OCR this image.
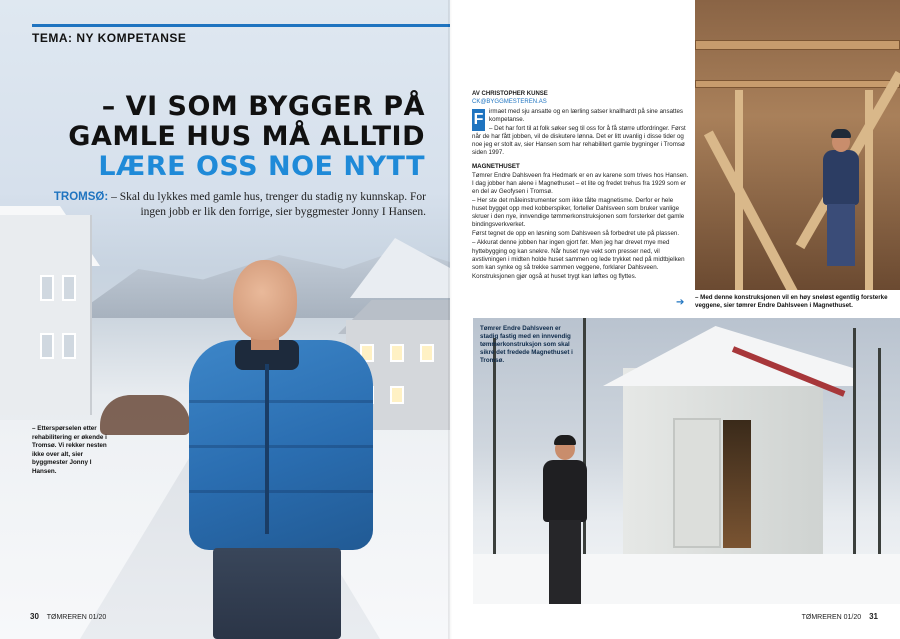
TEMA: NY KOMPETANSE
– VI SOM BYGGER PÅ
GAMLE HUS MÅ ALLTID
LÆRE OSS NOE NYTT
TROMSØ: – Skal du lykkes med gamle hus, trenger du stadig ny kunnskap. For ingen jobb er lik den forrige, sier byggmester Jonny I Hansen.
– Etterspørselen etter rehabilitering er økende i Tromsø. Vi rekker nesten ikke over alt, sier byggmester Jonny I Hansen.
30 TØMREREN 01/20
AV CHRISTOPHER KUNSE
CK@BYGGMESTEREN.AS
F irmaet med sju ansatte og en lærling satser knallhardt på sine ansattes kompetanse.

– Det har fort til at folk søker seg til oss for å få større utfordringer. Først når de har fått jobben, vil de diskutere lønna. Det er litt uvanlig i disse tider og noe jeg er stolt av, sier Hansen som har rehabilitert gamle bygninger i Tromsø siden 1997.

MAGNETHUSET

Tømrer Endre Dahlsveen fra Hedmark er en av karene som trives hos Hansen. I dag jobber han alene i Magnethuset – et lite og fredet trehus fra 1929 som er en del av Geofysen i Tromsø.

– Her ste det måleinstrumenter som ikke tålte magnetisme. Derfor er hele huset bygget opp med kobberspiker, forteller Dahlsveen som bruker vanlige skruer i den nye, innvendige tømmerkonstruksjonen som forsterker det gamle bindingsverkverket.

Først tegnet de opp en løsning som Dahlsveen så forbedret ute på plassen.

– Akkurat denne jobben har ingen gjort før. Men jeg har drevet mye med hyttebygging og kan snekre. Når huset nye vekt som presser ned, vil avstivningen i midten holde huset sammen og lede trykket ned på midtbjelken som kan synke og så trekke sammen veggene, forklarer Dahlsveen.

Konstruksjonen gjør også at huset trygt kan løftes og flyttes.

➔ – Med denne konstruksjonen vil en høy sneløst egentlig forsterke veggene, sier tømrer Endre Dahlsveen i Magnethuset.
Tømrer Endre Dahlsveen er stadig fastig med en innvendig tømmerkonstruksjon som skal sikre det fredede Magnethuset i Tromsø.
TØMREREN 01/20 31
